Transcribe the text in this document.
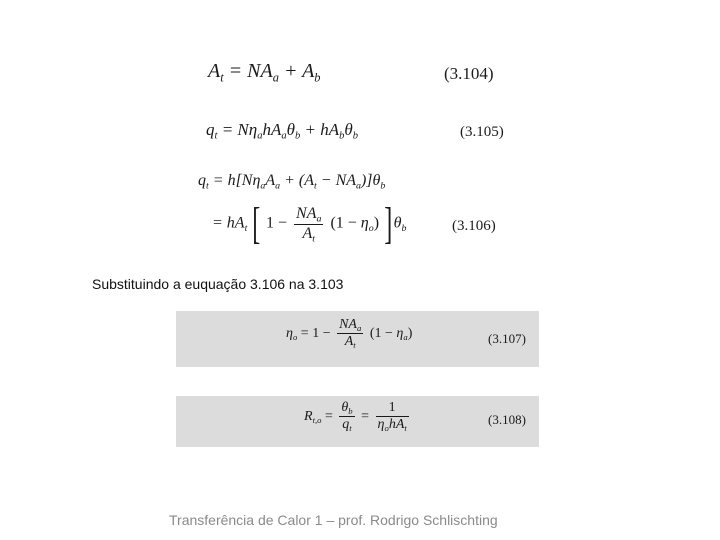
$A_t = NA_a + A_b$	(3.104)
$q_t = N\eta_ahA_a\theta_b + hA_b\theta_b$	(3.105)
$q_t = h[N\eta_aA_a + (A_t - NA_a)]\theta_b$
= $hA_t$ [ $1 - \frac{NA_a}{A_t} (1 - \eta_o)$ ]$\theta_b$	(3.106)
Substituindo a euquação 3.106 na 3.103
$\eta_o = 1 - \frac{NA_a}{A_t} (1 - \eta_a)$	(3.107)
$R_{t,o} = \frac{\theta_b}{q_t} = \frac{1}{\eta_ohA_t}$	(3.108)
Transferência de Calor 1 – prof. Rodrigo Schlischting
